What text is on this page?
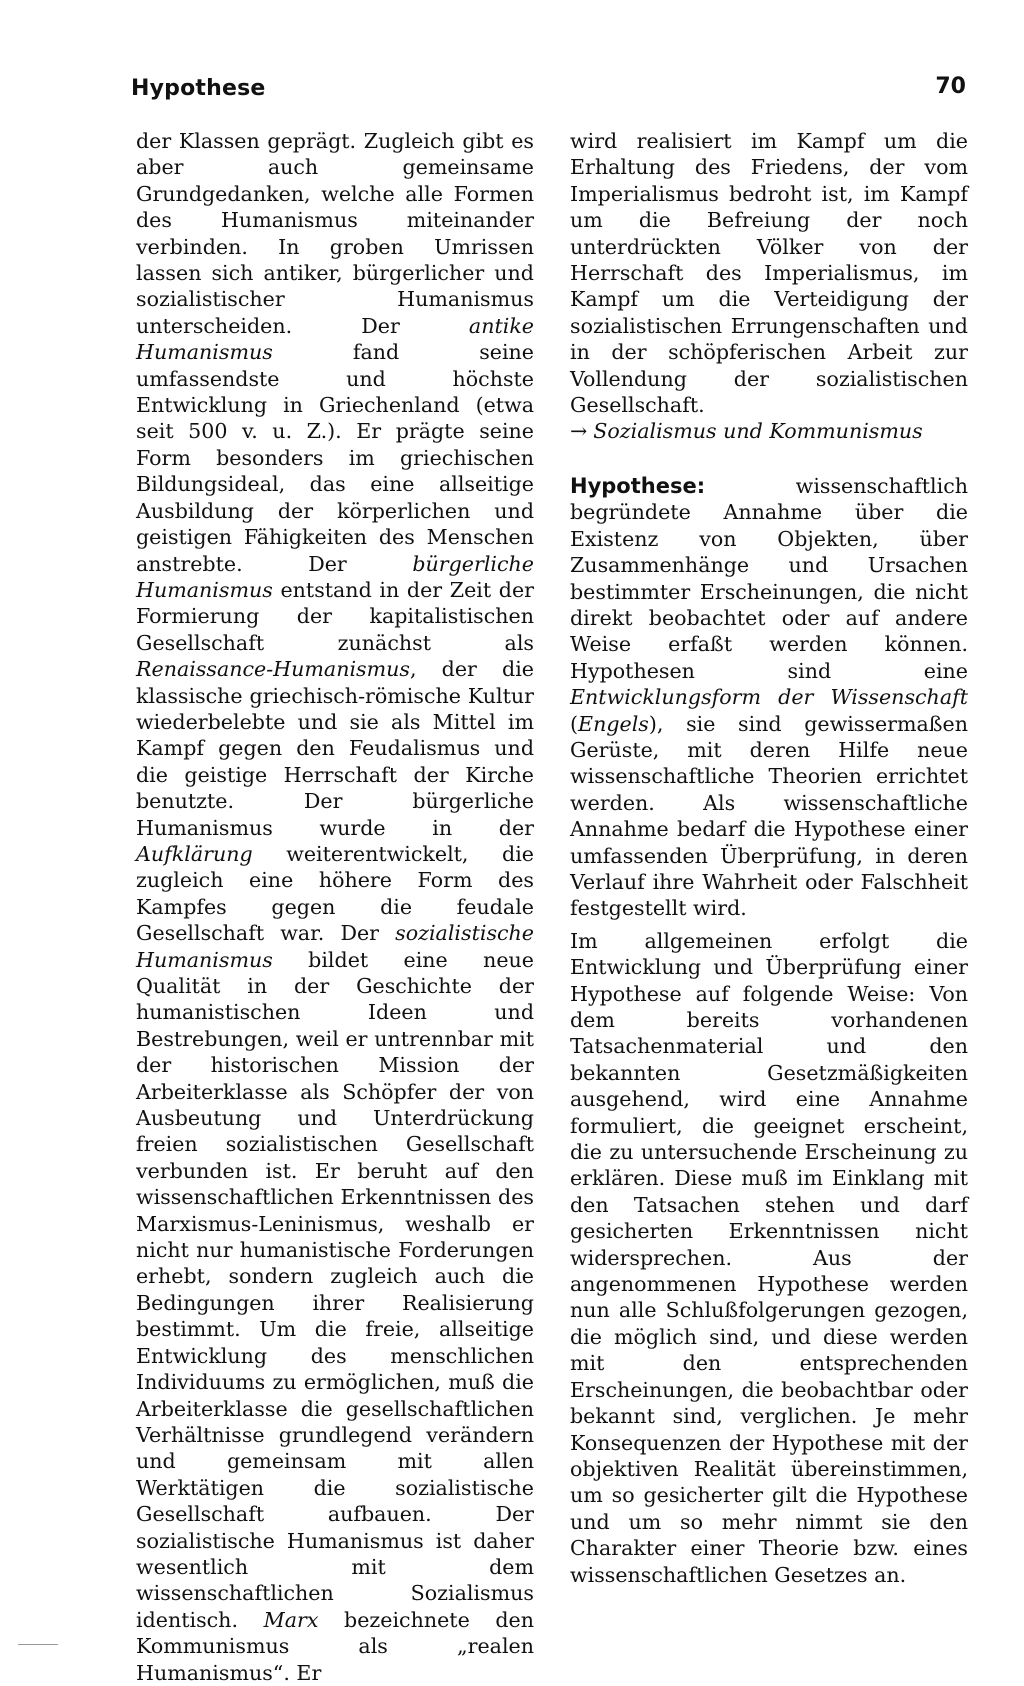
Hypothese	70

der Klassen geprägt. Zugleich gibt es aber auch gemeinsame Grundgedanken, welche alle Formen des Humanismus miteinander verbinden. In groben Umrissen lassen sich antiker, bürgerlicher und sozialistischer Humanismus unterscheiden. Der antike Humanismus fand seine umfassendste und höchste Entwicklung in Griechenland (etwa seit 500 v. u. Z.). Er prägte seine Form besonders im griechischen Bildungsideal, das eine allseitige Ausbildung der körperlichen und geistigen Fähigkeiten des Menschen anstrebte. Der bürgerliche Humanismus entstand in der Zeit der Formierung der kapitalistischen Gesellschaft zunächst als Renaissance-Humanismus, der die klassische griechisch-römische Kultur wiederbelebte und sie als Mittel im Kampf gegen den Feudalismus und die geistige Herrschaft der Kirche benutzte. Der bürgerliche Humanismus wurde in der Aufklärung weiterentwickelt, die zugleich eine höhere Form des Kampfes gegen die feudale Gesellschaft war. Der sozialistische Humanismus bildet eine neue Qualität in der Geschichte der humanistischen Ideen und Bestrebungen, weil er untrennbar mit der historischen Mission der Arbeiterklasse als Schöpfer der von Ausbeutung und Unterdrückung freien sozialistischen Gesellschaft verbunden ist. Er beruht auf den wissenschaftlichen Erkenntnissen des Marxismus-Leninismus, weshalb er nicht nur humanistische Forderungen erhebt, sondern zugleich auch die Bedingungen ihrer Realisierung bestimmt. Um die freie, allseitige Entwicklung des menschlichen Individuums zu ermöglichen, muß die Arbeiterklasse die gesellschaftlichen Verhältnisse grundlegend verändern und gemeinsam mit allen Werktätigen die sozialistische Gesellschaft aufbauen. Der sozialistische Humanismus ist daher wesentlich mit dem wissenschaftlichen Sozialismus identisch. Marx bezeichnete den Kommunismus als „realen Humanismus“. Er

wird realisiert im Kampf um die Erhaltung des Friedens, der vom Imperialismus bedroht ist, im Kampf um die Befreiung der noch unterdrückten Völker von der Herrschaft des Imperialismus, im Kampf um die Verteidigung der sozialistischen Errungenschaften und in der schöpferischen Arbeit zur Vollendung der sozialistischen Gesellschaft.

→ Sozialismus und Kommunismus

Hypothese: wissenschaftlich begründete Annahme über die Existenz von Objekten, über Zusammenhänge und Ursachen bestimmter Erscheinungen, die nicht direkt beobachtet oder auf andere Weise erfaßt werden können. Hypothesen sind eine Entwicklungsform der Wissenschaft (Engels), sie sind gewissermaßen Gerüste, mit deren Hilfe neue wissenschaftliche Theorien errichtet werden. Als wissenschaftliche Annahme bedarf die Hypothese einer umfassenden Überprüfung, in deren Verlauf ihre Wahrheit oder Falschheit festgestellt wird.

Im allgemeinen erfolgt die Entwicklung und Überprüfung einer Hypothese auf folgende Weise: Von dem bereits vorhandenen Tatsachenmaterial und den bekannten Gesetzmäßigkeiten ausgehend, wird eine Annahme formuliert, die geeignet erscheint, die zu untersuchende Erscheinung zu erklären. Diese muß im Einklang mit den Tatsachen stehen und darf gesicherten Erkenntnissen nicht widersprechen. Aus der angenommenen Hypothese werden nun alle Schlußfolgerungen gezogen, die möglich sind, und diese werden mit den entsprechenden Erscheinungen, die beobachtbar oder bekannt sind, verglichen. Je mehr Konsequenzen der Hypothese mit der objektiven Realität übereinstimmen, um so gesicherter gilt die Hypothese und um so mehr nimmt sie den Charakter einer Theorie bzw. eines wissenschaftlichen Gesetzes an.
